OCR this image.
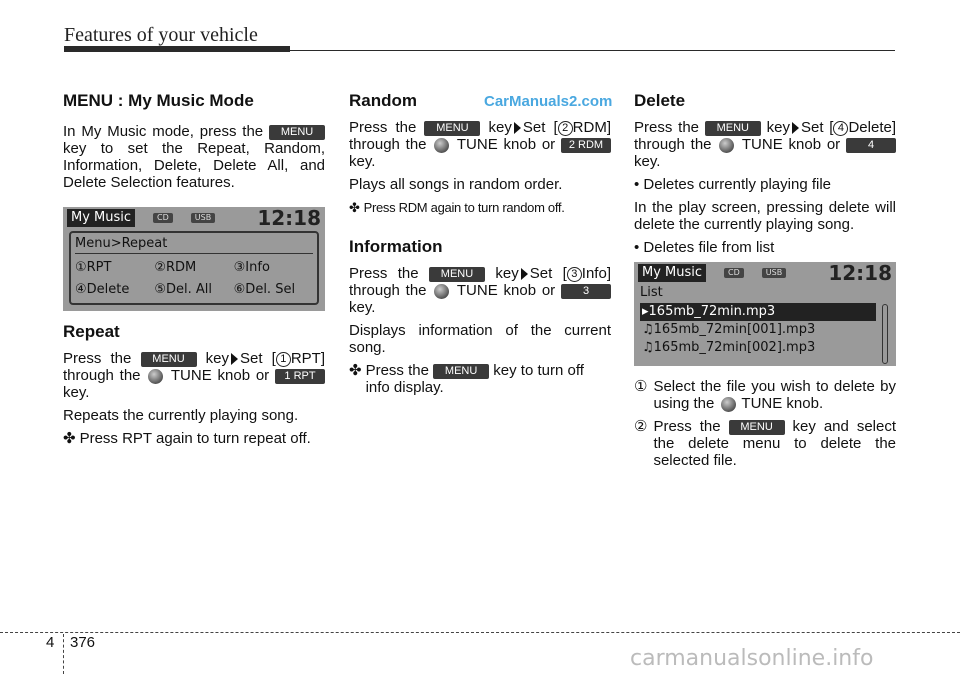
Features of your vehicle
CarManuals2.com
MENU : My Music Mode

In My Music mode, press the MENU key to set the Repeat, Random, Information, Delete, Delete All, and Delete Selection features.

My Music	CD	USB 12:18
Menu>Repeat
①RPT	②RDM	③Info
④Delete	⑤Del. All	⑥Del. Sel
Repeat

Press the MENU key Set [ 1 RPT] through the TUNE knob or 1 RPT key.

Repeats the currently playing song.

✤ Press RPT again to turn repeat off.
Random

Press the MENU key Set [ 2 RDM] through the TUNE knob or 2 RDM key.

Plays all songs in random order.

✤ Press RDM again to turn random off.
Information

Press the MENU key Set [ 3 Info] through the TUNE knob or	3 key.

Displays information of the current song.

✤ Press the MENU key to turn off info display.
Delete

Press the MENU key Set [ 4 Delete] through the TUNE knob or	4 key.

• Deletes currently playing file

In the play screen, pressing delete will delete the currently playing song.

• Deletes file from list

My Music	CD	USB 12:18
List
▸165mb_72min.mp3
♫165mb_72min[001].mp3
♫165mb_72min[002].mp3
① Select the file you wish to delete by using the TUNE knob.
② Press the MENU key and select the delete menu to delete the selected file.
4 376
carmanualsonline.info
